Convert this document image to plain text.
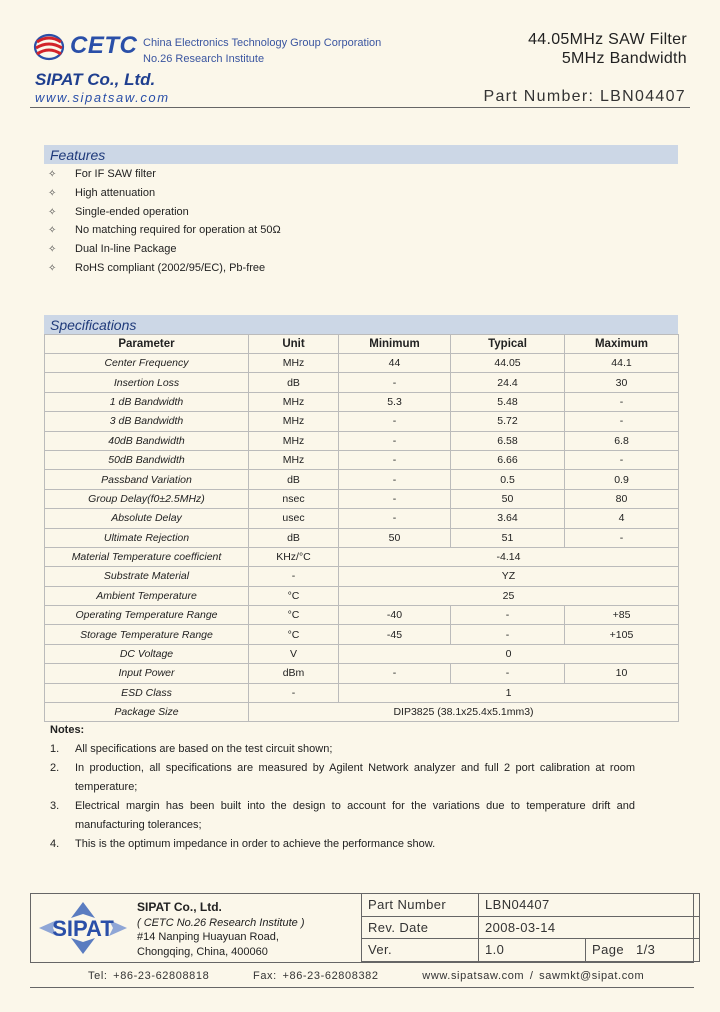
CETC China Electronics Technology Group Corporation
No.26 Research Institute
44.05MHz SAW Filter
5MHz Bandwidth
SIPAT Co., Ltd.
www.sipatsaw.com	Part Number: LBN04407
Features
✧ For IF SAW filter
✧ High attenuation
✧ Single-ended operation
✧ No matching required for operation at 50Ω
✧ Dual In-line Package
✧ RoHS compliant (2002/95/EC), Pb-free
Specifications
Parameter	Unit	Minimum	Typical	Maximum
Center Frequency	MHz	44	44.05	44.1
Insertion Loss	dB	-	24.4	30
1 dB Bandwidth	MHz	5.3	5.48	-
3 dB Bandwidth	MHz	-	5.72	-
40dB Bandwidth	MHz	-	6.58	6.8
50dB Bandwidth	MHz	-	6.66	-
Passband Variation	dB	-	0.5	0.9
Group Delay(f0±2.5MHz)	nsec	-	50	80
Absolute Delay	usec	-	3.64	4
Ultimate Rejection	dB	50	51	-
Material Temperature coefficient	KHz/°C	-4.14		
Substrate Material	-	YZ		
Ambient Temperature	°C	25		
Operating Temperature Range	°C	-40	-	+85
Storage Temperature Range	°C	-45	-	+105
DC Voltage	V	0		
Input Power	dBm	-	-	10
ESD Class	-	1		
Package Size	DIP3825 (38.1x25.4x5.1mm3)			
Notes:
1. All specifications are based on the test circuit shown;
2. In production, all specifications are measured by Agilent Network analyzer and full 2 port calibration at room temperature;
3. Electrical margin has been built into the design to account for the variations due to temperature drift and manufacturing tolerances;
4. This is the optimum impedance in order to achieve the performance show.
SIPAT
SIPAT Co., Ltd.
( CETC No.26 Research Institute )
#14 Nanping Huayuan Road,
Chongqing, China, 400060
Part Number	LBN04407	
Rev. Date	2008-03-14	
Ver.	1.0	Page 1/3
Tel: +86-23-62808818	Fax: +86-23-62808382	www.sipatsaw.com / sawmkt@sipat.com
